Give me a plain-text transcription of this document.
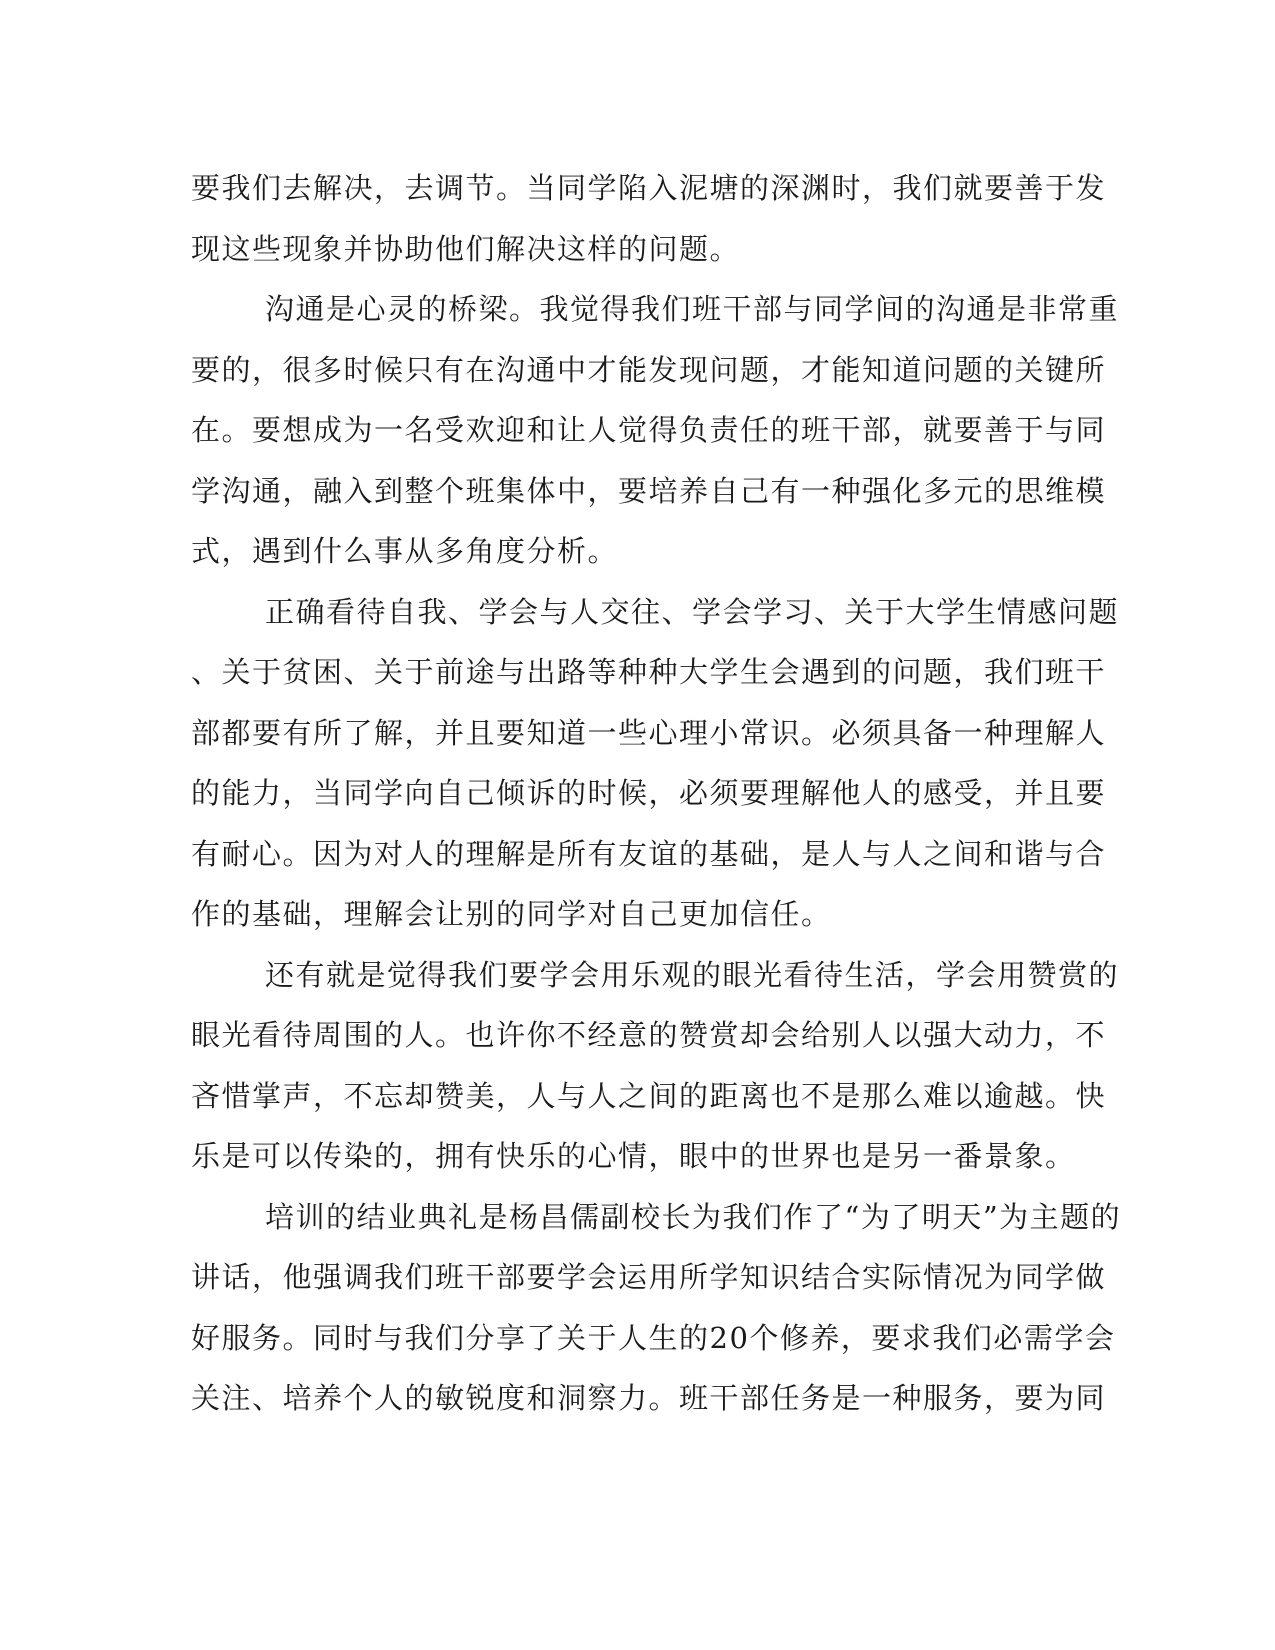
要我们去解决，去调节。当同学陷入泥塘的深渊时，我们就要善于发
现这些现象并协助他们解决这样的问题。
沟通是心灵的桥梁。我觉得我们班干部与同学间的沟通是非常重
要的，很多时候只有在沟通中才能发现问题，才能知道问题的关键所
在。要想成为一名受欢迎和让人觉得负责任的班干部，就要善于与同
学沟通，融入到整个班集体中，要培养自己有一种强化多元的思维模
式，遇到什么事从多角度分析。
正确看待自我、学会与人交往、学会学习、关于大学生情感问题
、关于贫困、关于前途与出路等种种大学生会遇到的问题，我们班干
部都要有所了解，并且要知道一些心理小常识。必须具备一种理解人
的能力，当同学向自己倾诉的时候，必须要理解他人的感受，并且要
有耐心。因为对人的理解是所有友谊的基础，是人与人之间和谐与合
作的基础，理解会让别的同学对自己更加信任。
还有就是觉得我们要学会用乐观的眼光看待生活，学会用赞赏的
眼光看待周围的人。也许你不经意的赞赏却会给别人以强大动力，不
吝惜掌声，不忘却赞美，人与人之间的距离也不是那么难以逾越。快
乐是可以传染的，拥有快乐的心情，眼中的世界也是另一番景象。
培训的结业典礼是杨昌儒副校长为我们作了“为了明天”为主题的
讲话，他强调我们班干部要学会运用所学知识结合实际情况为同学做
好服务。同时与我们分享了关于人生的20个修养，要求我们必需学会
关注、培养个人的敏锐度和洞察力。班干部任务是一种服务，要为同
